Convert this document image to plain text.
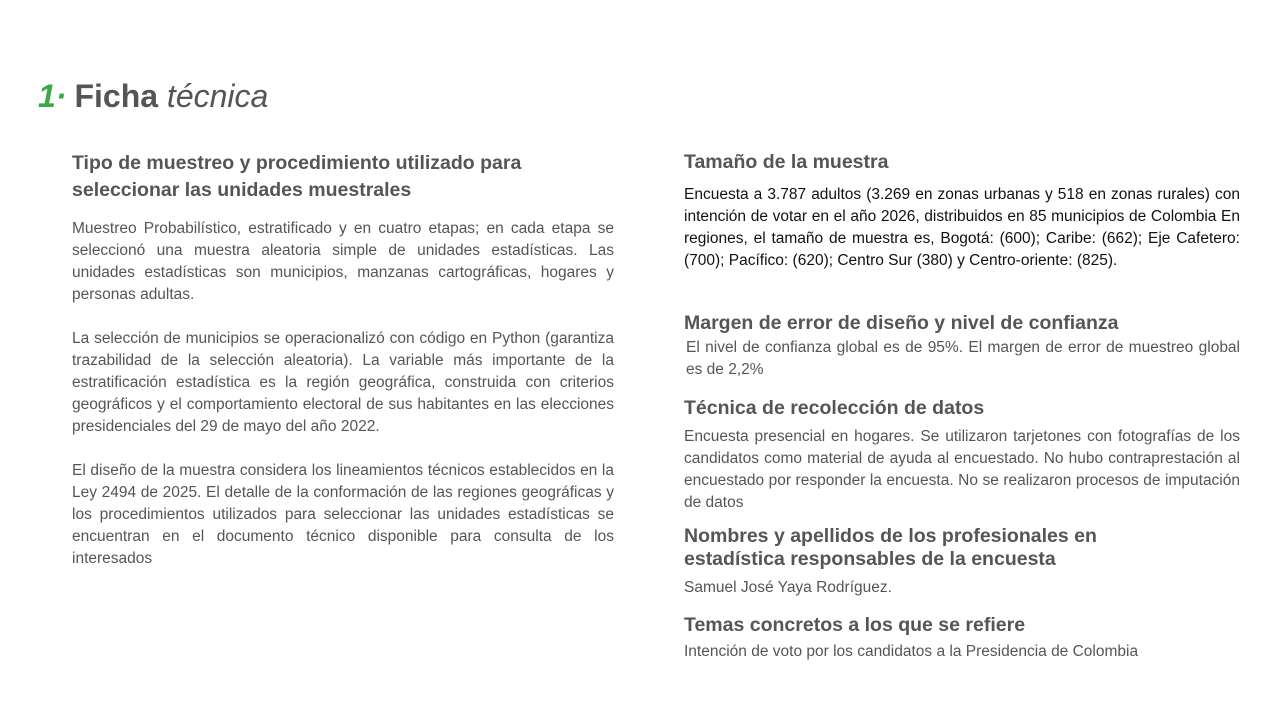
1· Ficha técnica
Tipo de muestreo y procedimiento utilizado para seleccionar las unidades muestrales

Muestreo Probabilístico, estratificado y en cuatro etapas; en cada etapa se seleccionó una muestra aleatoria simple de unidades estadísticas. Las unidades estadísticas son municipios, manzanas cartográficas, hogares y personas adultas.

La selección de municipios se operacionalizó con código en Python (garantiza trazabilidad de la selección aleatoria). La variable más importante de la estratificación estadística es la región geográfica, construida con criterios geográficos y el comportamiento electoral de sus habitantes en las elecciones presidenciales del 29 de mayo del año 2022.

El diseño de la muestra considera los lineamientos técnicos establecidos en la Ley 2494 de 2025. El detalle de la conformación de las regiones geográficas y los procedimientos utilizados para seleccionar las unidades estadísticas se encuentran en el documento técnico disponible para consulta de los interesados

Tamaño de la muestra

Encuesta a 3.787 adultos (3.269 en zonas urbanas y 518 en zonas rurales) con intención de votar en el año 2026, distribuidos en 85 municipios de Colombia En regiones, el tamaño de muestra es, Bogotá: (600); Caribe: (662); Eje Cafetero: (700); Pacífico: (620); Centro Sur (380) y Centro-oriente: (825).

Margen de error de diseño y nivel de confianza

El nivel de confianza global es de 95%. El margen de error de muestreo global es de 2,2%

Técnica de recolección de datos

Encuesta presencial en hogares. Se utilizaron tarjetones con fotografías de los candidatos como material de ayuda al encuestado. No hubo contraprestación al encuestado por responder la encuesta. No se realizaron procesos de imputación de datos

Nombres y apellidos de los profesionales en estadística responsables de la encuesta

Samuel José Yaya Rodríguez.

Temas concretos a los que se refiere

Intención de voto por los candidatos a la Presidencia de Colombia
